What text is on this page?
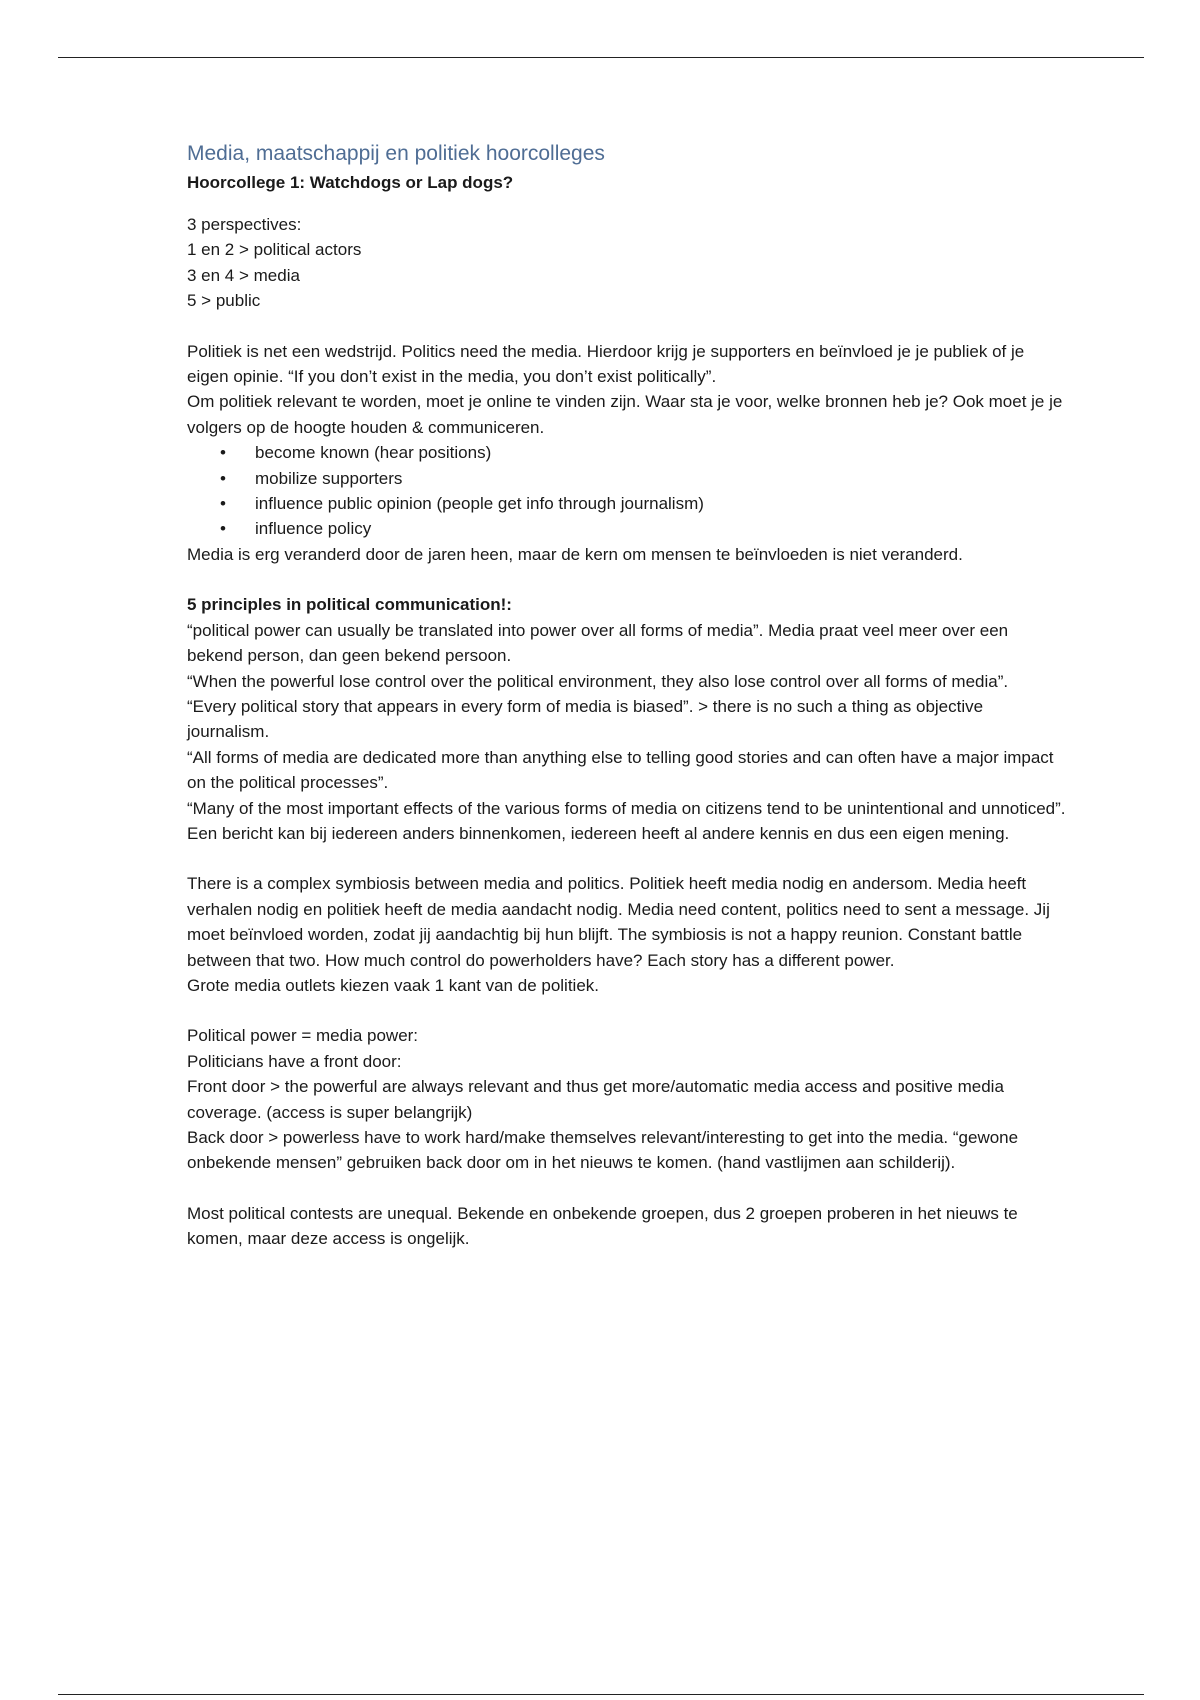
Media, maatschappij en politiek hoorcolleges

Hoorcollege 1: Watchdogs or Lap dogs?

3 perspectives:

1 en 2 > political actors

3 en 4 > media

5 > public

Politiek is net een wedstrijd. Politics need the media. Hierdoor krijg je supporters en beïnvloed je je publiek of je eigen opinie. “If you don’t exist in the media, you don’t exist politically”.

Om politiek relevant te worden, moet je online te vinden zijn. Waar sta je voor, welke bronnen heb je? Ook moet je je volgers op de hoogte houden & communiceren.

• become known (hear positions)
• mobilize supporters
• influence public opinion (people get info through journalism)
• influence policy

Media is erg veranderd door de jaren heen, maar de kern om mensen te beïnvloeden is niet veranderd.

5 principles in political communication!:

“political power can usually be translated into power over all forms of media”. Media praat veel meer over een bekend person, dan geen bekend persoon.

“When the powerful lose control over the political environment, they also lose control over all forms of media”.

“Every political story that appears in every form of media is biased”. > there is no such a thing as objective journalism.

“All forms of media are dedicated more than anything else to telling good stories and can often have a major impact on the political processes”.

“Many of the most important effects of the various forms of media on citizens tend to be unintentional and unnoticed”. Een bericht kan bij iedereen anders binnenkomen, iedereen heeft al andere kennis en dus een eigen mening.

There is a complex symbiosis between media and politics. Politiek heeft media nodig en andersom. Media heeft verhalen nodig en politiek heeft de media aandacht nodig. Media need content, politics need to sent a message. Jij moet beïnvloed worden, zodat jij aandachtig bij hun blijft. The symbiosis is not a happy reunion. Constant battle between that two. How much control do powerholders have? Each story has a different power.

Grote media outlets kiezen vaak 1 kant van de politiek.

Political power = media power:

Politicians have a front door:

Front door > the powerful are always relevant and thus get more/automatic media access and positive media coverage. (access is super belangrijk)

Back door > powerless have to work hard/make themselves relevant/interesting to get into the media. “gewone onbekende mensen” gebruiken back door om in het nieuws te komen. (hand vastlijmen aan schilderij).

Most political contests are unequal. Bekende en onbekende groepen, dus 2 groepen proberen in het nieuws te komen, maar deze access is ongelijk.
